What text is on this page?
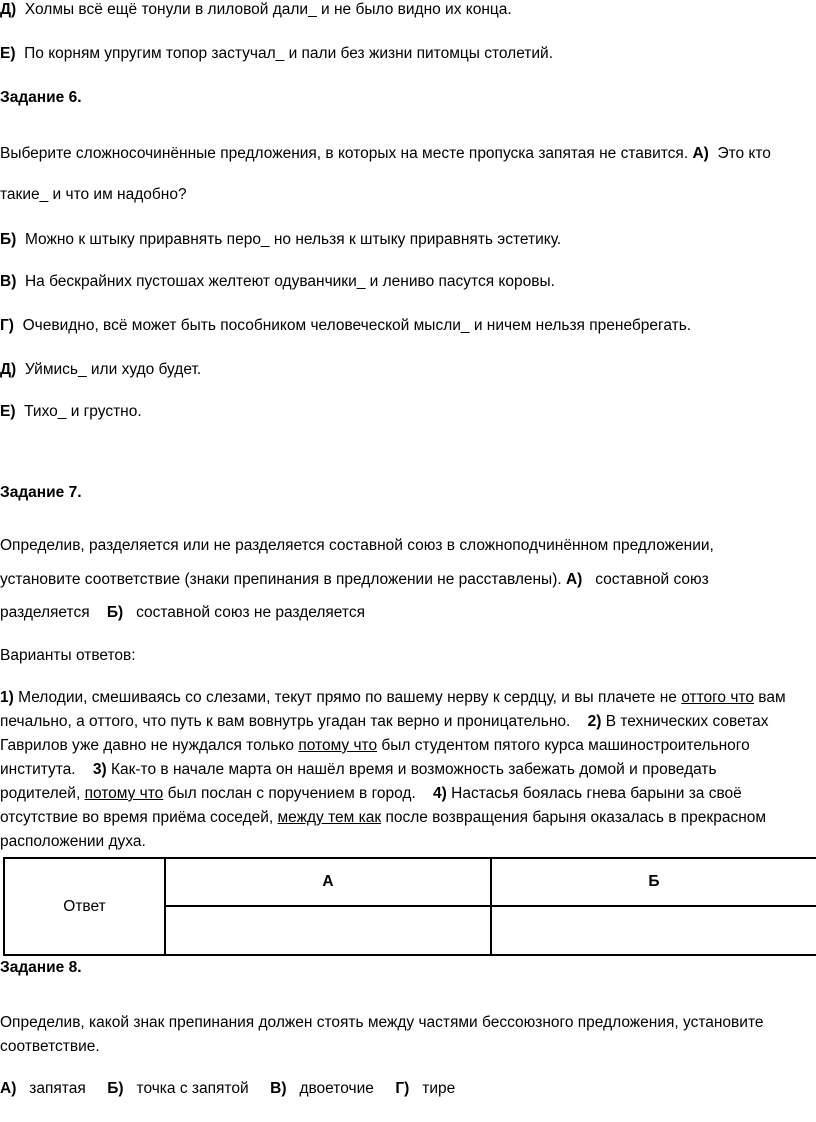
Д) Холмы всё ещё тонули в лиловой дали_ и не было видно их конца.
Е) По корням упругим топор застучал_ и пали без жизни питомцы столетий.
Задание 6.
Выберите сложносочинённые предложения, в которых на месте пропуска запятая не ставится. А) Это кто
такие_ и что им надобно?
Б) Можно к штыку приравнять перо_ но нельзя к штыку приравнять эстетику.
В) На бескрайних пустошах желтеют одуванчики_ и лениво пасутся коровы.
Г) Очевидно, всё может быть пособником человеческой мысли_ и ничем нельзя пренебрегать.
Д) Уймись_ или худо будет.
Е) Тихо_ и грустно.
Задание 7.
Определив, разделяется или не разделяется составной союз в сложноподчинённом предложении,
установите соответствие (знаки препинания в предложении не расставлены). А) составной союз
разделяется Б) составной союз не разделяется
Варианты ответов:
1) Мелодии, смешиваясь со слезами, текут прямо по вашему нерву к сердцу, и вы плачете не оттого что вам
печально, а оттого, что путь к вам вовнутрь угадан так верно и проницательно. 2) В технических советах
Гаврилов уже давно не нуждался только потому что был студентом пятого курса машиностроительного
института. 3) Как-то в начале марта он нашёл время и возможность забежать домой и проведать
родителей, потому что был послан с поручением в город. 4) Настасья боялась гнева барыни за своё
отсутствие во время приёма соседей, между тем как после возвращения барыня оказалась в прекрасном
расположении духа.
Ответ	А	Б

Задание 8.
Определив, какой знак препинания должен стоять между частями бессоюзного предложения, установите
соответствие.
А) запятая Б) точка с запятой В) двоеточие Г) тире
